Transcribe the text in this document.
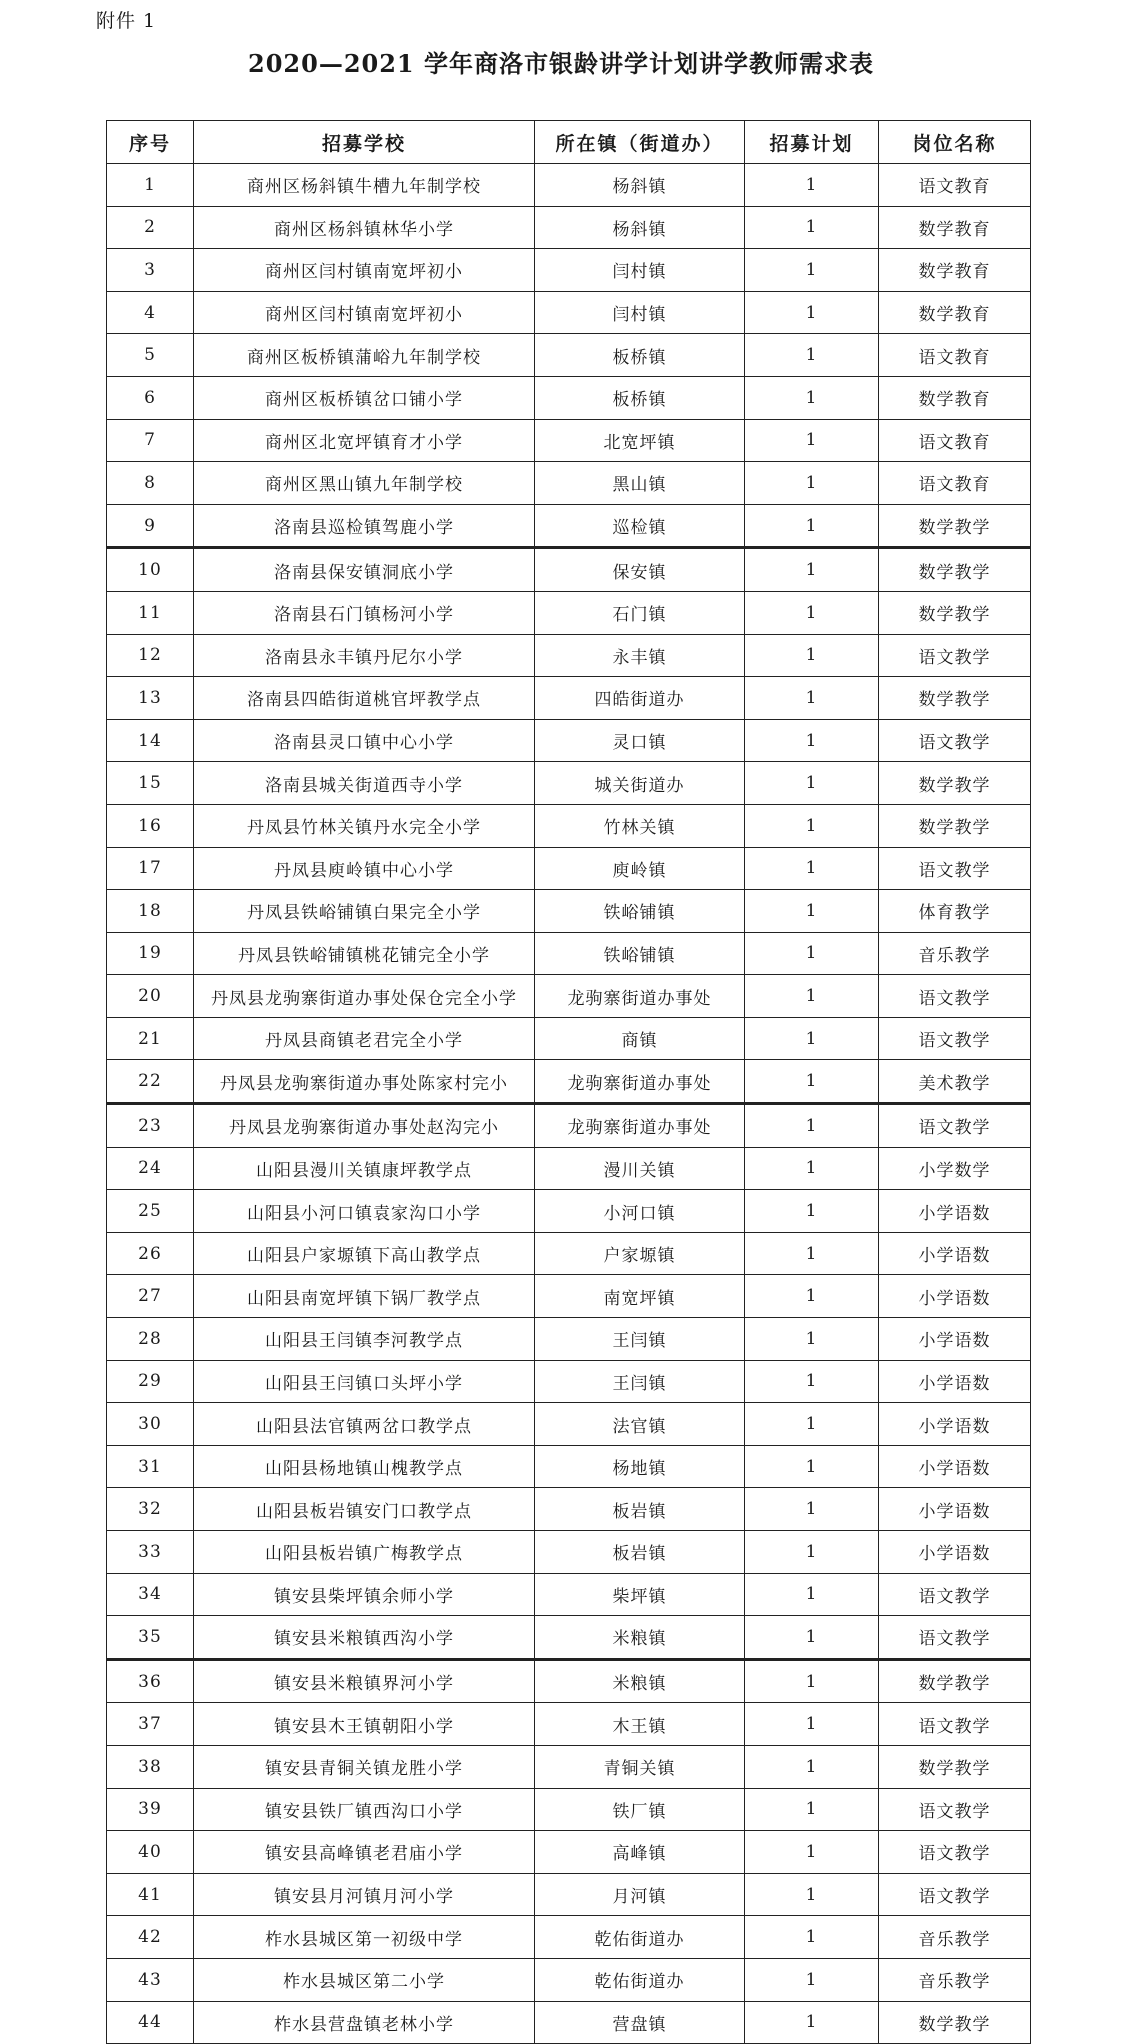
附件 1
2020—2021 学年商洛市银龄讲学计划讲学教师需求表
序号	招募学校	所在镇（街道办）	招募计划	岗位名称
1	商州区杨斜镇牛槽九年制学校	杨斜镇	1	语文教育
2	商州区杨斜镇林华小学	杨斜镇	1	数学教育
3	商州区闫村镇南宽坪初小	闫村镇	1	数学教育
4	商州区闫村镇南宽坪初小	闫村镇	1	数学教育
5	商州区板桥镇蒲峪九年制学校	板桥镇	1	语文教育
6	商州区板桥镇岔口铺小学	板桥镇	1	数学教育
7	商州区北宽坪镇育才小学	北宽坪镇	1	语文教育
8	商州区黑山镇九年制学校	黑山镇	1	语文教育
9	洛南县巡检镇驾鹿小学	巡检镇	1	数学教学
10	洛南县保安镇洞底小学	保安镇	1	数学教学
11	洛南县石门镇杨河小学	石门镇	1	数学教学
12	洛南县永丰镇丹尼尔小学	永丰镇	1	语文教学
13	洛南县四皓街道桃官坪教学点	四皓街道办	1	数学教学
14	洛南县灵口镇中心小学	灵口镇	1	语文教学
15	洛南县城关街道西寺小学	城关街道办	1	数学教学
16	丹凤县竹林关镇丹水完全小学	竹林关镇	1	数学教学
17	丹凤县庾岭镇中心小学	庾岭镇	1	语文教学
18	丹凤县铁峪铺镇白果完全小学	铁峪铺镇	1	体育教学
19	丹凤县铁峪铺镇桃花铺完全小学	铁峪铺镇	1	音乐教学
20	丹凤县龙驹寨街道办事处保仓完全小学	龙驹寨街道办事处	1	语文教学
21	丹凤县商镇老君完全小学	商镇	1	语文教学
22	丹凤县龙驹寨街道办事处陈家村完小	龙驹寨街道办事处	1	美术教学
23	丹凤县龙驹寨街道办事处赵沟完小	龙驹寨街道办事处	1	语文教学
24	山阳县漫川关镇康坪教学点	漫川关镇	1	小学数学
25	山阳县小河口镇袁家沟口小学	小河口镇	1	小学语数
26	山阳县户家塬镇下高山教学点	户家塬镇	1	小学语数
27	山阳县南宽坪镇下锅厂教学点	南宽坪镇	1	小学语数
28	山阳县王闫镇李河教学点	王闫镇	1	小学语数
29	山阳县王闫镇口头坪小学	王闫镇	1	小学语数
30	山阳县法官镇两岔口教学点	法官镇	1	小学语数
31	山阳县杨地镇山槐教学点	杨地镇	1	小学语数
32	山阳县板岩镇安门口教学点	板岩镇	1	小学语数
33	山阳县板岩镇广梅教学点	板岩镇	1	小学语数
34	镇安县柴坪镇余师小学	柴坪镇	1	语文教学
35	镇安县米粮镇西沟小学	米粮镇	1	语文教学
36	镇安县米粮镇界河小学	米粮镇	1	数学教学
37	镇安县木王镇朝阳小学	木王镇	1	语文教学
38	镇安县青铜关镇龙胜小学	青铜关镇	1	数学教学
39	镇安县铁厂镇西沟口小学	铁厂镇	1	语文教学
40	镇安县高峰镇老君庙小学	高峰镇	1	语文教学
41	镇安县月河镇月河小学	月河镇	1	语文教学
42	柞水县城区第一初级中学	乾佑街道办	1	音乐教学
43	柞水县城区第二小学	乾佑街道办	1	音乐教学
44	柞水县营盘镇老林小学	营盘镇	1	数学教学
